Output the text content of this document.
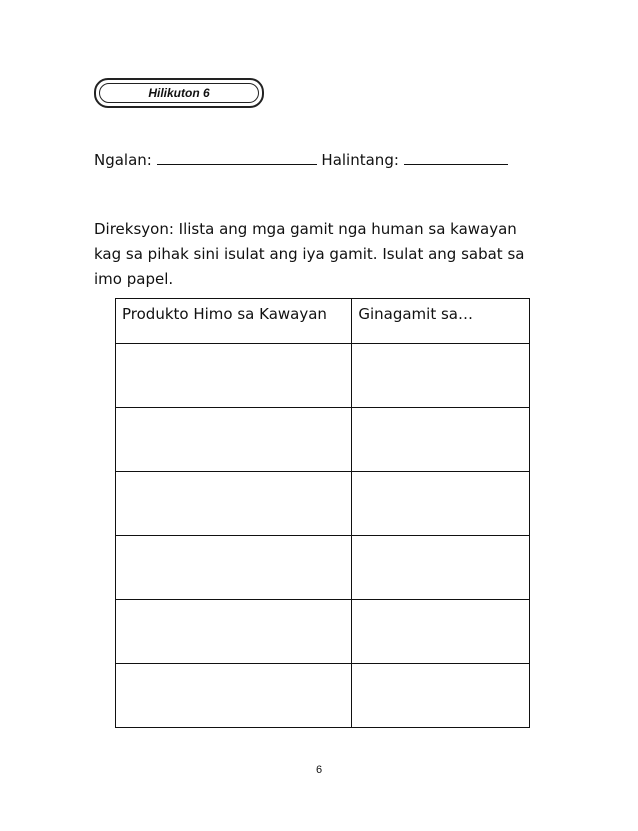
Hilikuton 6
Ngalan:	Halintang:
Direksyon: Ilista ang mga gamit nga human sa kawayan kag sa pihak sini isulat ang iya gamit. Isulat ang sabat sa imo papel.
Produkto Himo sa Kawayan	Ginagamit sa…

6
